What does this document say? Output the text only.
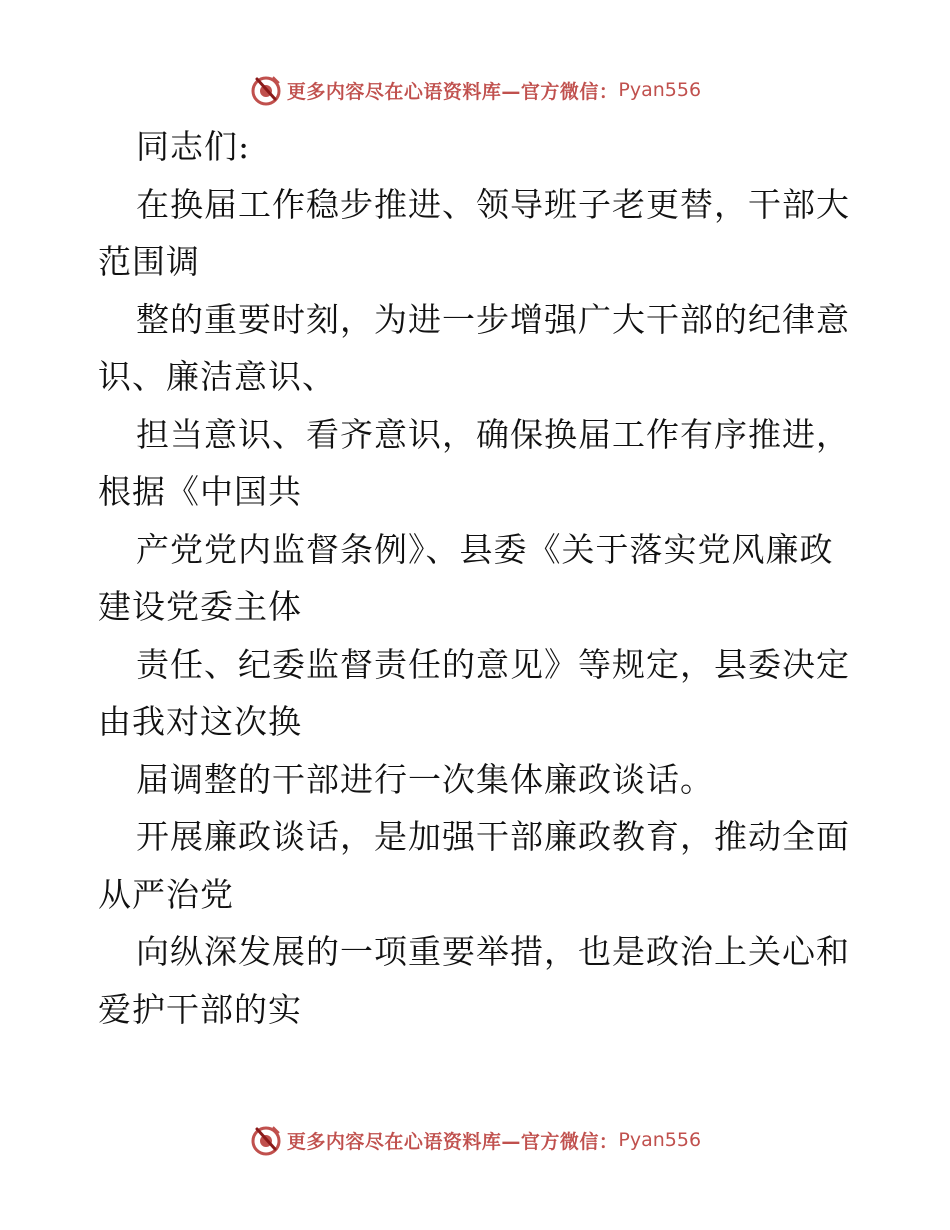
更多内容尽在心语资料库—官方微信： Pyan556

同志们:

在换届工作稳步推进、领导班子老更替，干部大

范围调

整的重要时刻，为进一步增强广大干部的纪律意

识、廉洁意识、

担当意识、看齐意识，确保换届工作有序推进，

根据《中国共

产党党内监督条例》、县委《关于落实党风廉政

建设党委主体

责任、纪委监督责任的意见》等规定，县委决定

由我对这次换

届调整的干部进行一次集体廉政谈话。

开展廉政谈话，是加强干部廉政教育，推动全面

从严治党

向纵深发展的一项重要举措，也是政治上关心和

爱护干部的实

更多内容尽在心语资料库—官方微信： Pyan556
